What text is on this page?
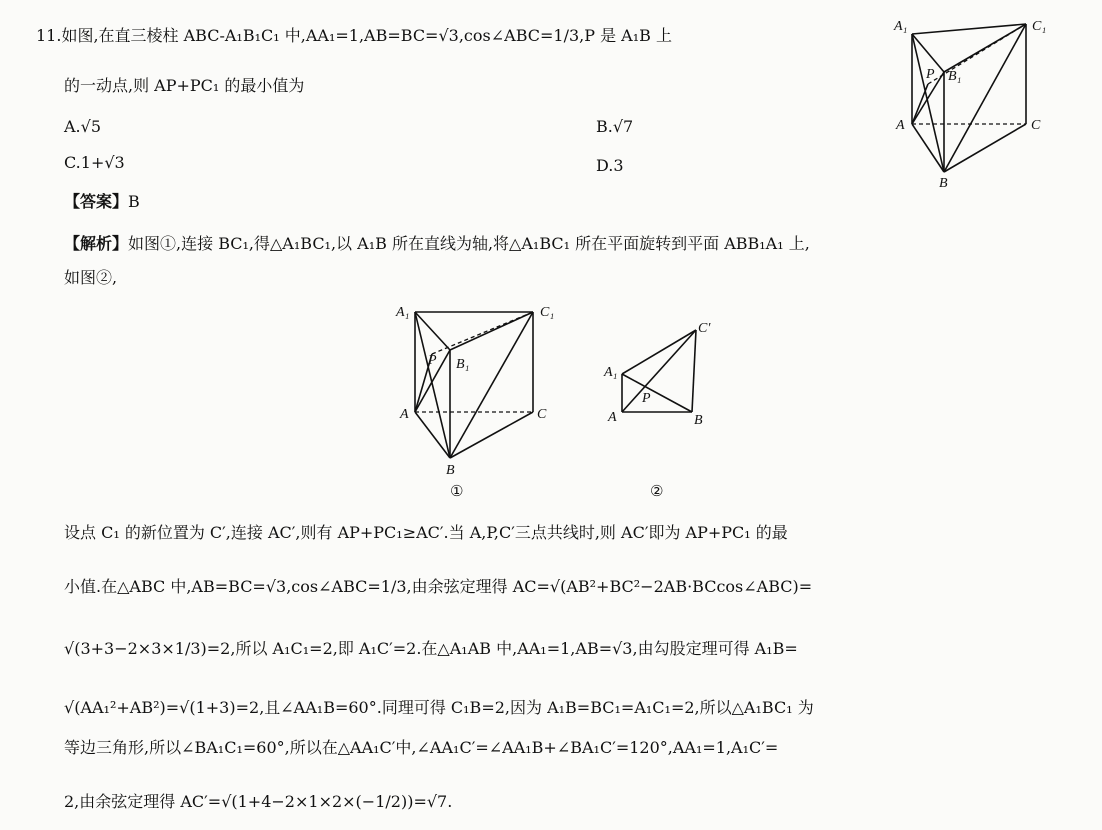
11.如图,在直三棱柱 ABC-A₁B₁C₁ 中,AA₁=1,AB=BC=√3,cos∠ABC=1/3,P 是 A₁B 上
的一动点,则 AP+PC₁ 的最小值为
A.√5	B.√7
C.1+√3	D.3
【答案】B
【解析】如图①,连接 BC₁,得△A₁BC₁,以 A₁B 所在直线为轴,将△A₁BC₁ 所在平面旋转到平面 ABB₁A₁ 上,
如图②,
设点 C₁ 的新位置为 C′,连接 AC′,则有 AP+PC₁≥AC′.当 A,P,C′三点共线时,则 AC′即为 AP+PC₁ 的最
小值.在△ABC 中,AB=BC=√3,cos∠ABC=1/3,由余弦定理得 AC=√(AB²+BC²−2AB·BCcos∠ABC)=
√(3+3−2×3×1/3)=2,所以 A₁C₁=2,即 A₁C′=2.在△A₁AB 中,AA₁=1,AB=√3,由勾股定理可得 A₁B=
√(AA₁²+AB²)=√(1+3)=2,且∠AA₁B=60°.同理可得 C₁B=2,因为 A₁B=BC₁=A₁C₁=2,所以△A₁BC₁ 为
等边三角形,所以∠BA₁C₁=60°,所以在△AA₁C′中,∠AA₁C′=∠AA₁B+∠BA₁C′=120°,AA₁=1,A₁C′=
2,由余弦定理得 AC′=√(1+4−2×1×2×(−1/2))=√7.
A₁	C₁
P B₁
A	C
B
A₁	C₁
P B₁
A	C
B
①
C′
A₁
P
A	B
②
